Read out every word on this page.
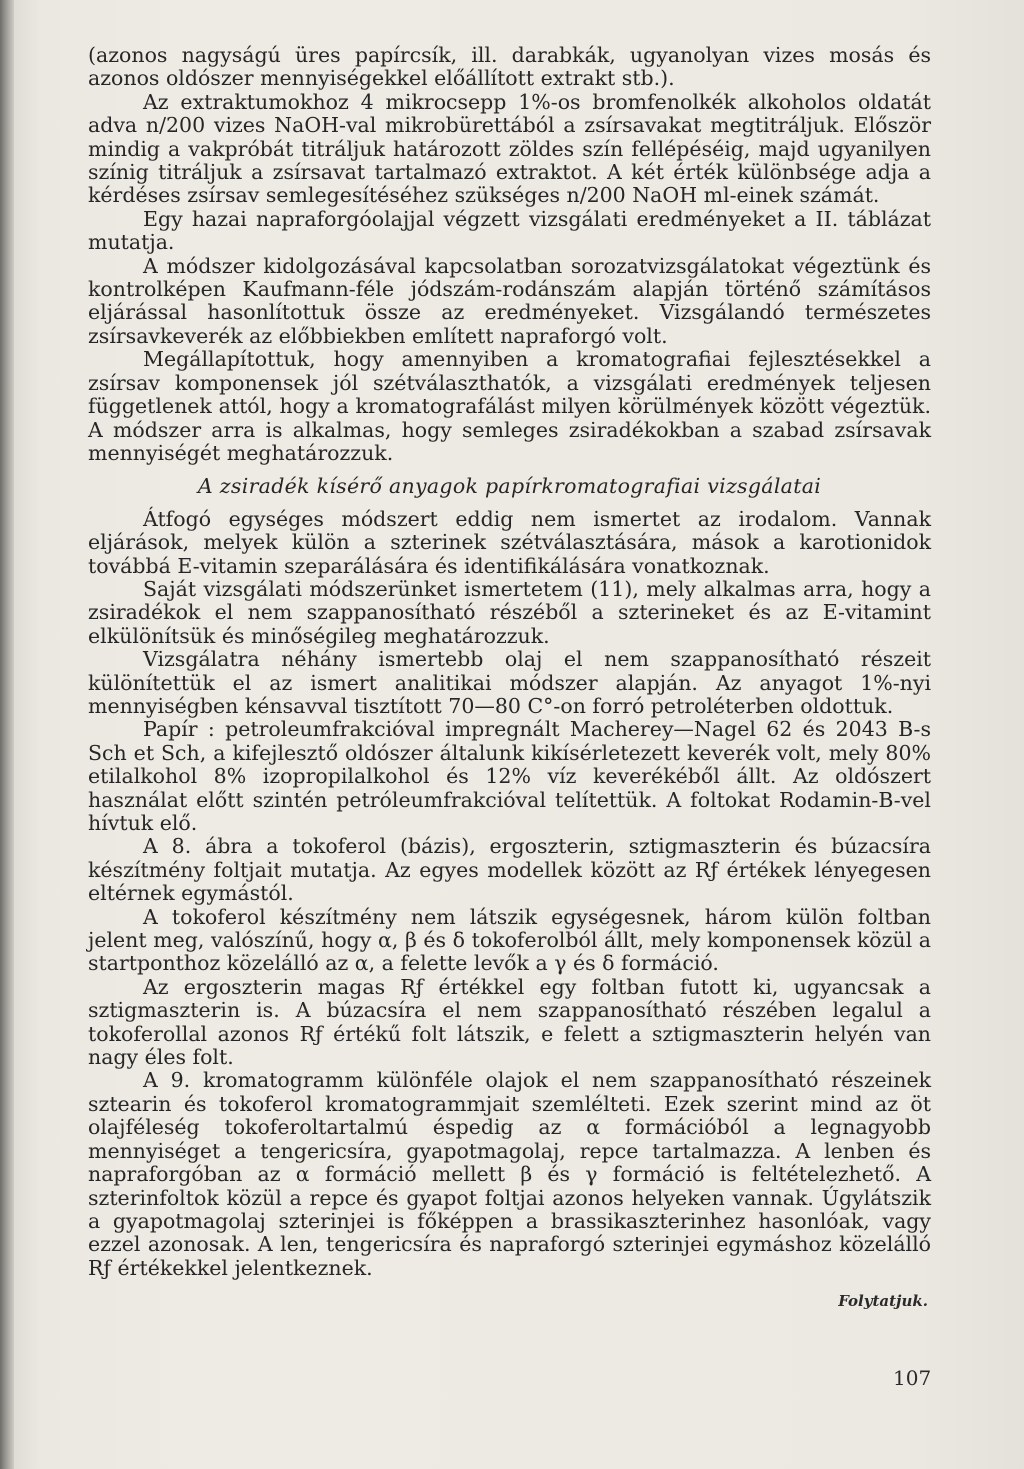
(azonos nagyságú üres papírcsík, ill. darabkák, ugyanolyan vizes mosás és azonos oldószer mennyiségekkel előállított extrakt stb.).

Az extraktumokhoz 4 mikrocsepp 1%-os bromfenolkék alkoholos oldatát adva n/200 vizes NaOH-val mikrobürettából a zsírsavakat megtitráljuk. Először mindig a vakpróbát titráljuk határozott zöldes szín fellépéséig, majd ugyanilyen színig titráljuk a zsírsavat tartalmazó extraktot. A két érték különbsége adja a kérdéses zsírsav semlegesítéséhez szükséges n/200 NaOH ml-einek számát.

Egy hazai napraforgóolajjal végzett vizsgálati eredményeket a II. táblázat mutatja.

A módszer kidolgozásával kapcsolatban sorozatvizsgálatokat végeztünk és kontrolképen Kaufmann-féle jódszám-rodánszám alapján történő számításos eljárással hasonlítottuk össze az eredményeket. Vizsgálandó természetes zsírsavkeverék az előbbiekben említett napraforgó volt.

Megállapítottuk, hogy amennyiben a kromatografiai fejlesztésekkel a zsírsav komponensek jól szétválaszthatók, a vizsgálati eredmények teljesen függetlenek attól, hogy a kromatografálást milyen körülmények között végeztük. A módszer arra is alkalmas, hogy semleges zsiradékokban a szabad zsírsavak mennyiségét meghatározzuk.

A zsiradék kísérő anyagok papírkromatografiai vizsgálatai

Átfogó egységes módszert eddig nem ismertet az irodalom. Vannak eljárások, melyek külön a szterinek szétválasztására, mások a karotionidok továbbá E-vitamin szeparálására és identifikálására vonatkoznak.

Saját vizsgálati módszerünket ismertetem (11), mely alkalmas arra, hogy a zsiradékok el nem szappanosítható részéből a szterineket és az E-vitamint elkülönítsük és minőségileg meghatározzuk.

Vizsgálatra néhány ismertebb olaj el nem szappanosítható részeit különítettük el az ismert analitikai módszer alapján. Az anyagot 1%-nyi mennyiségben kénsavval tisztított 70—80 C°-on forró petroléterben oldottuk.

Papír : petroleumfrakcióval impregnált Macherey—Nagel 62 és 2043 B-s Sch et Sch, a kifejlesztő oldószer általunk kikísérletezett keverék volt, mely 80% etilalkohol 8% izopropilalkohol és 12% víz keverékéből állt. Az oldószert használat előtt szintén petróleumfrakcióval telítettük. A foltokat Rodamin-B-vel hívtuk elő.

A 8. ábra a tokoferol (bázis), ergoszterin, sztigmaszterin és búzacsíra készítmény foltjait mutatja. Az egyes modellek között az Rƒ értékek lényegesen eltérnek egymástól.

A tokoferol készítmény nem látszik egységesnek, három külön foltban jelent meg, valószínű, hogy α, β és δ tokoferolból állt, mely komponensek közül a startponthoz közelálló az α, a felette levők a γ és δ formáció.

Az ergoszterin magas Rƒ értékkel egy foltban futott ki, ugyancsak a sztigmaszterin is. A búzacsíra el nem szappanosítható részében legalul a tokoferollal azonos Rƒ értékű folt látszik, e felett a sztigmaszterin helyén van nagy éles folt.

A 9. kromatogramm különféle olajok el nem szappanosítható részeinek sztearin és tokoferol kromatogrammjait szemlélteti. Ezek szerint mind az öt olajféleség tokoferoltartalmú éspedig az α formációból a legnagyobb mennyiséget a tengericsíra, gyapotmagolaj, repce tartalmazza. A lenben és napraforgóban az α formáció mellett β és γ formáció is feltételezhető. A szterinfoltok közül a repce és gyapot foltjai azonos helyeken vannak. Úgylátszik a gyapotmagolaj szterinjei is főképpen a brassikaszterinhez hasonlóak, vagy ezzel azonosak. A len, tengericsíra és napraforgó szterinjei egymáshoz közelálló Rƒ értékekkel jelentkeznek.

Folytatjuk.
107
